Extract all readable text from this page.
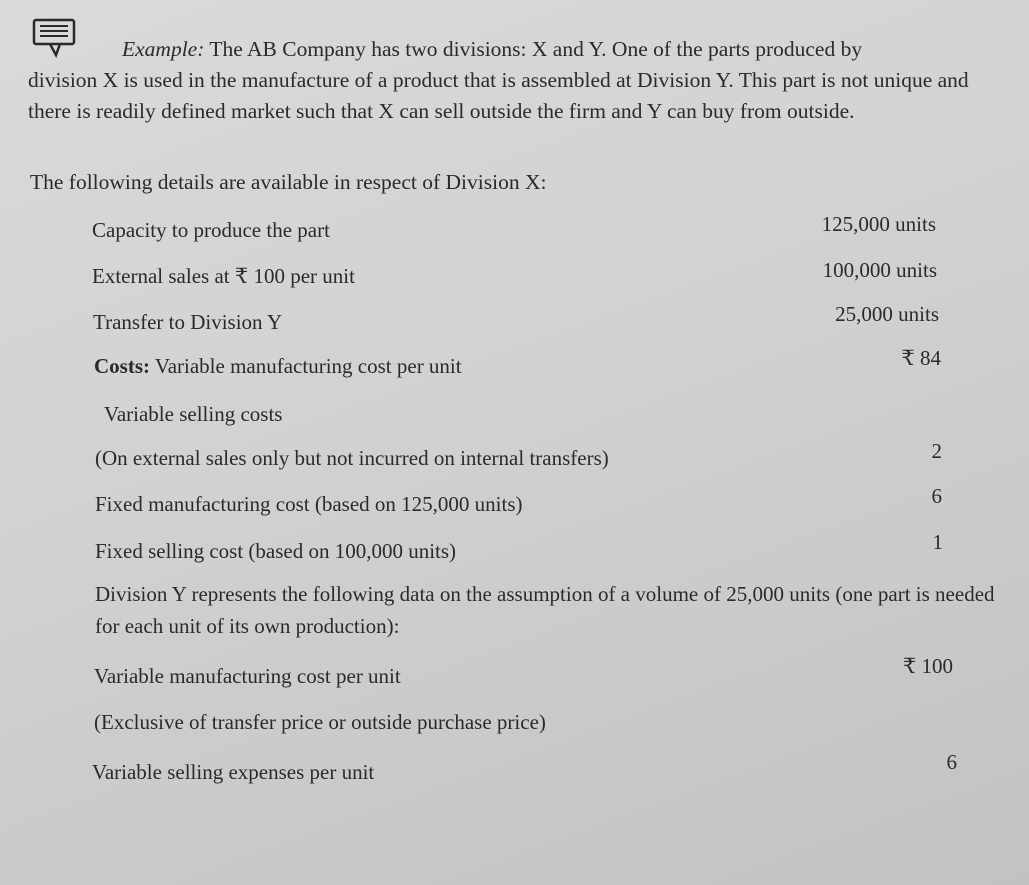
Example: The AB Company has two divisions: X and Y. One of the parts produced by
division X is used in the manufacture of a product that is assembled at Division Y. This part is not unique and there is readily defined market such that X can sell outside the firm and Y can buy from outside.
The following details are available in respect of Division X:
Capacity to produce the part	125,000 units
External sales at ₹ 100 per unit	100,000 units
Transfer to Division Y	25,000 units
Costs: Variable manufacturing cost per unit	₹ 84
Variable selling costs
(On external sales only but not incurred on internal transfers)	2
Fixed manufacturing cost (based on 125,000 units)	6
Fixed selling cost (based on 100,000 units)	1
Division Y represents the following data on the assumption of a volume of 25,000 units (one part is needed for each unit of its own production):
Variable manufacturing cost per unit	₹ 100
(Exclusive of transfer price or outside purchase price)
Variable selling expenses per unit	6
